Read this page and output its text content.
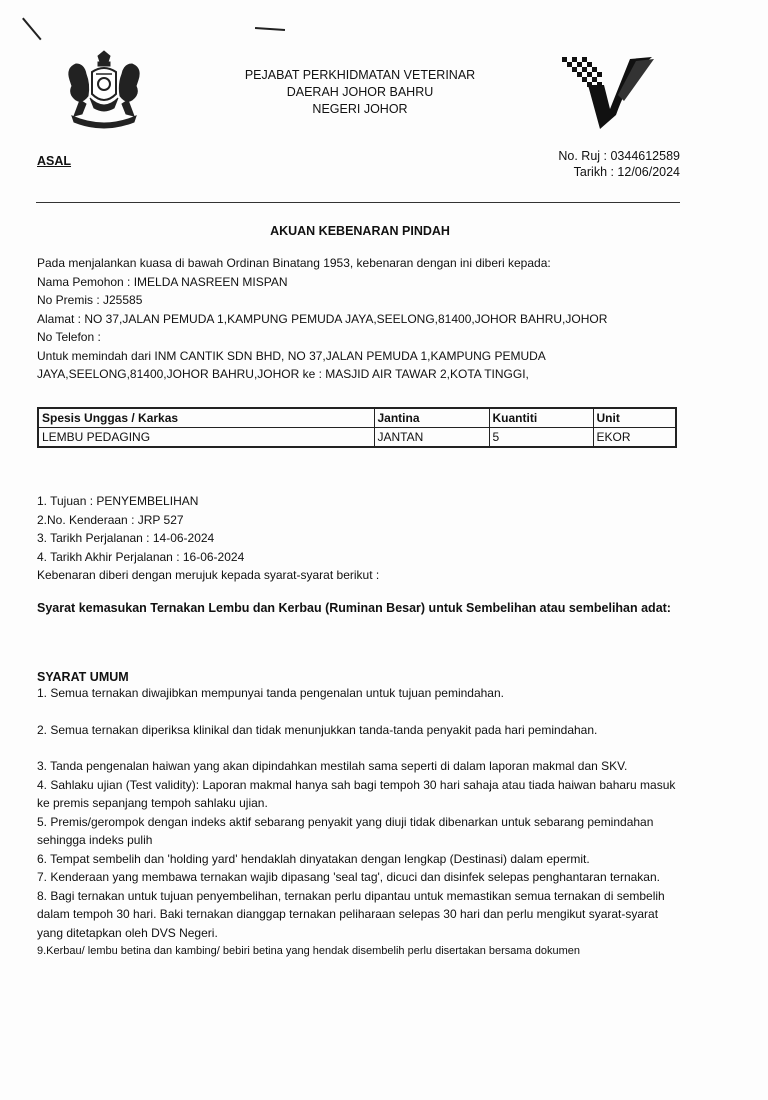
PEJABAT PERKHIDMATAN VETERINAR
DAERAH JOHOR BAHRU
NEGERI JOHOR
ASAL	No. Ruj : 0344612589
Tarikh : 12/06/2024
AKUAN KEBENARAN PINDAH
Pada menjalankan kuasa di bawah Ordinan Binatang 1953, kebenaran dengan ini diberi kepada:
Nama Pemohon : IMELDA NASREEN MISPAN
No Premis : J25585
Alamat : NO 37,JALAN PEMUDA 1,KAMPUNG PEMUDA JAYA,SEELONG,81400,JOHOR BAHRU,JOHOR
No Telefon :
Untuk memindah dari INM CANTIK SDN BHD, NO 37,JALAN PEMUDA 1,KAMPUNG PEMUDA
JAYA,SEELONG,81400,JOHOR BAHRU,JOHOR ke : MASJID AIR TAWAR 2,KOTA TINGGI,
Spesis Unggas / Karkas	Jantina	Kuantiti	Unit
LEMBU PEDAGING	JANTAN	5	EKOR
1. Tujuan : PENYEMBELIHAN
2.No. Kenderaan : JRP 527
3. Tarikh Perjalanan : 14-06-2024
4. Tarikh Akhir Perjalanan : 16-06-2024
Kebenaran diberi dengan merujuk kepada syarat-syarat berikut :
Syarat kemasukan Ternakan Lembu dan Kerbau (Ruminan Besar) untuk Sembelihan atau sembelihan adat:
SYARAT UMUM
1. Semua ternakan diwajibkan mempunyai tanda pengenalan untuk tujuan pemindahan.
2. Semua ternakan diperiksa klinikal dan tidak menunjukkan tanda-tanda penyakit pada hari pemindahan.
3. Tanda pengenalan haiwan yang akan dipindahkan mestilah sama seperti di dalam laporan makmal dan SKV.
4. Sahlaku ujian (Test validity): Laporan makmal hanya sah bagi tempoh 30 hari sahaja atau tiada haiwan baharu masuk ke premis sepanjang tempoh sahlaku ujian.
5. Premis/gerompok dengan indeks aktif sebarang penyakit yang diuji tidak dibenarkan untuk sebarang pemindahan sehingga indeks pulih
6. Tempat sembelih dan 'holding yard' hendaklah dinyatakan dengan lengkap (Destinasi) dalam epermit.
7. Kenderaan yang membawa ternakan wajib dipasang 'seal tag', dicuci dan disinfek selepas penghantaran ternakan.
8. Bagi ternakan untuk tujuan penyembelihan, ternakan perlu dipantau untuk memastikan semua ternakan di sembelih dalam tempoh 30 hari. Baki ternakan dianggap ternakan peliharaan selepas 30 hari dan perlu mengikut syarat-syarat yang ditetapkan oleh DVS Negeri.
9.Kerbau/ lembu betina dan kambing/ bebiri betina yang hendak disembelih perlu disertakan bersama dokumen
